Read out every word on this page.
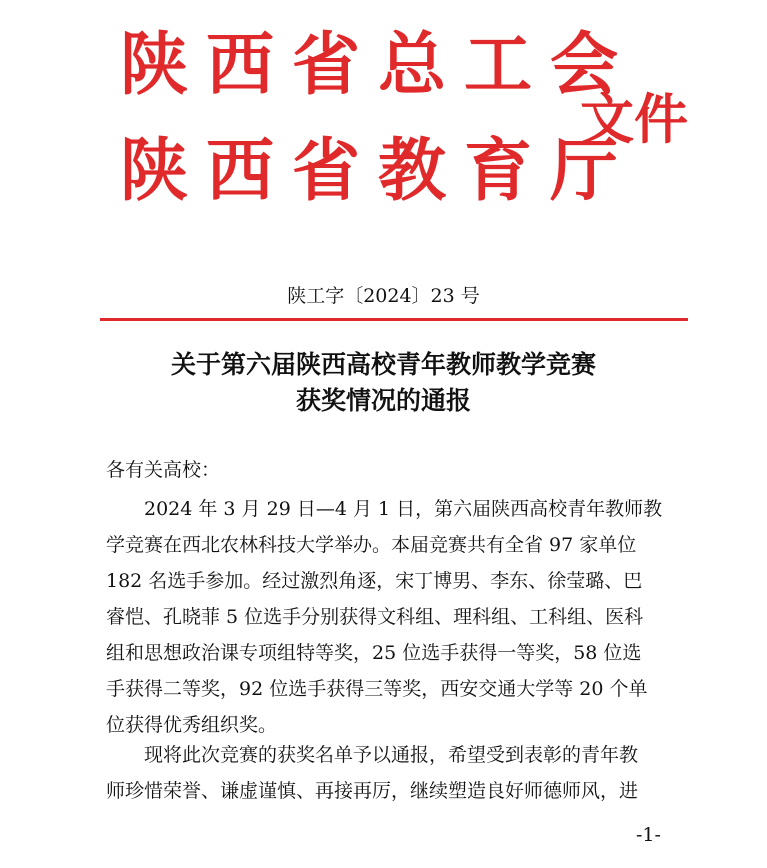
陕西省总工会
陕西省教育厅
文件
陕工字〔2024〕23 号
关于第六届陕西高校青年教师教学竞赛
获奖情况的通报
各有关高校：
　　2024 年 3 月 29 日—4 月 1 日，第六届陕西高校青年教师教
学竞赛在西北农林科技大学举办。本届竞赛共有全省 97 家单位
182 名选手参加。经过激烈角逐，宋丁博男、李东、徐莹璐、巴
睿恺、孔晓菲 5 位选手分别获得文科组、理科组、工科组、医科
组和思想政治课专项组特等奖，25 位选手获得一等奖，58 位选
手获得二等奖，92 位选手获得三等奖，西安交通大学等 20 个单
位获得优秀组织奖。
　　现将此次竞赛的获奖名单予以通报，希望受到表彰的青年教
师珍惜荣誉、谦虚谨慎、再接再厉，继续塑造良好师德师风，进
-1-
